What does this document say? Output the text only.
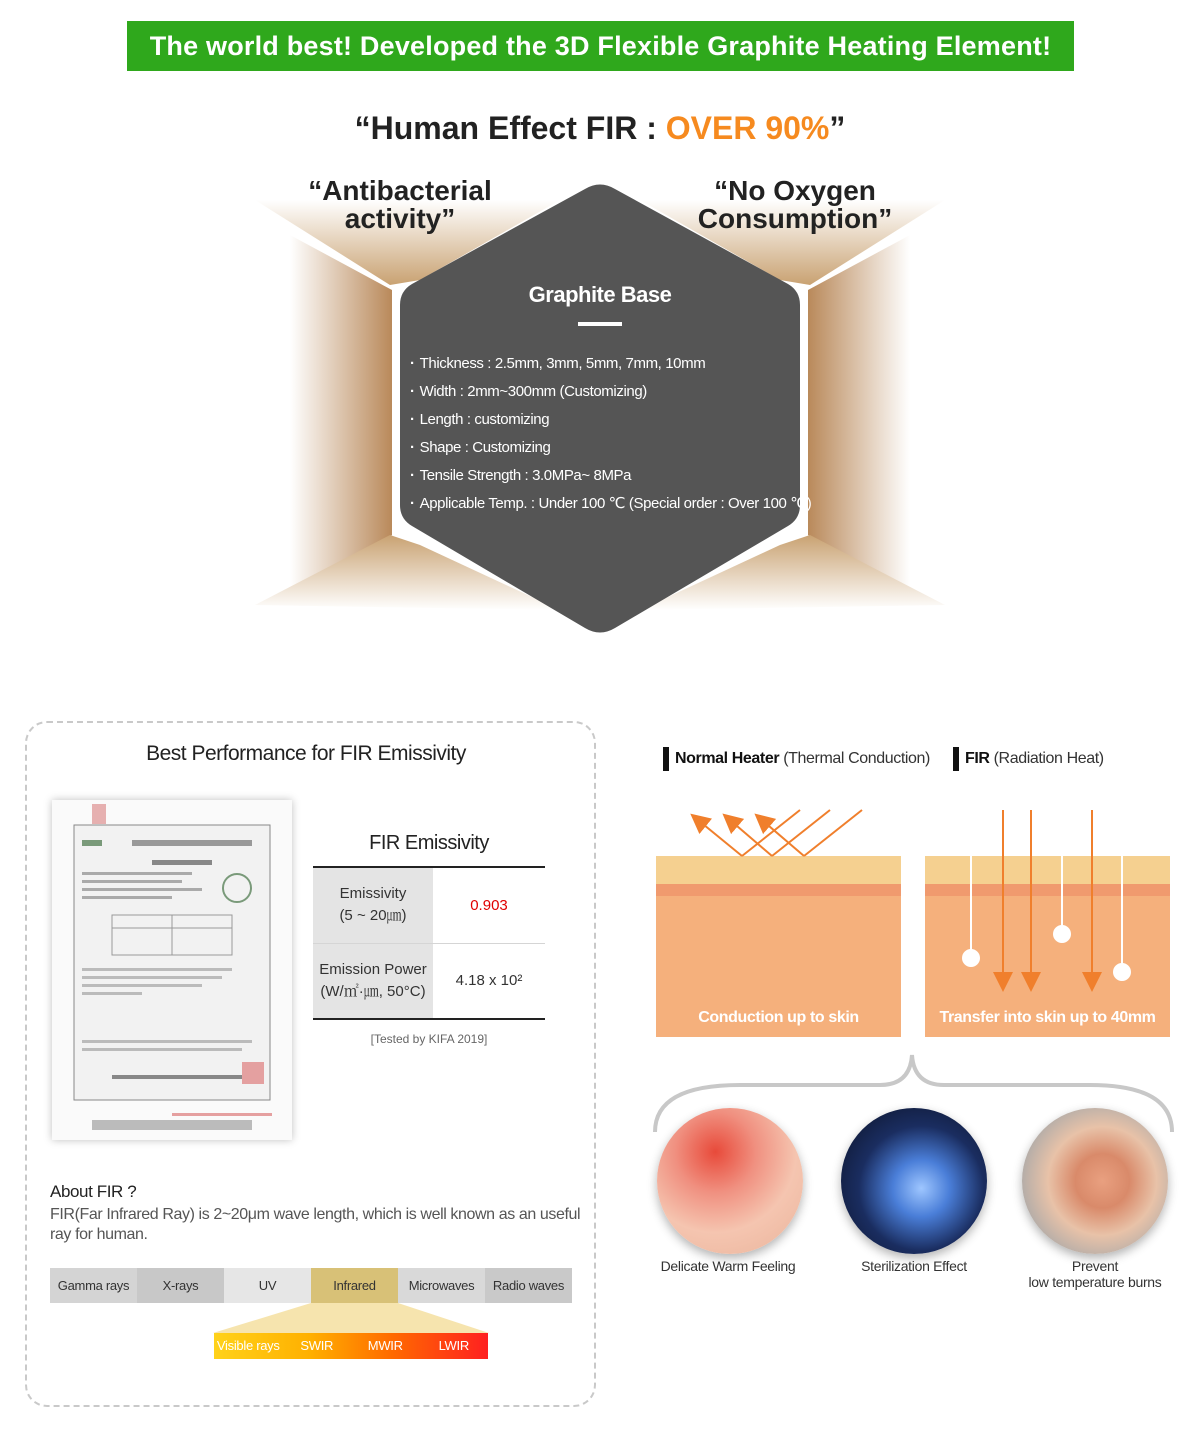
The world best! Developed the 3D Flexible Graphite Heating Element!
“Human Effect FIR : OVER 90%”
“Antibacterial
activity”
“No Oxygen
Consumption”
Graphite Base
· Thickness : 2.5mm, 3mm, 5mm, 7mm, 10mm
· Width : 2mm~300mm (Customizing)
· Length : customizing
· Shape : Customizing
· Tensile Strength : 3.0MPa~ 8MPa
· Applicable Temp. : Under 100 ℃ (Special order : Over 100 ℃)
Best Performance for FIR Emissivity
FIR Emissivity
Emissivity
(5 ~ 20㎛)	0.903

Emission Power
(W/㎡·㎛, 50°C)	4.18 x 10²
[Tested by KIFA 2019]
About FIR ?
FIR(Far Infrared Ray) is 2~20μm wave length, which is well known as an useful ray for human.
Gamma rays	X-rays	UV	Infrared	Microwaves	Radio waves
Visible rays	SWIR	MWIR	LWIR
Normal Heater (Thermal Conduction)	FIR (Radiation Heat)
Conduction up to skin	Transfer into skin up to 40mm
Delicate Warm Feeling	Sterilization Effect	Prevent
low temperature burns
